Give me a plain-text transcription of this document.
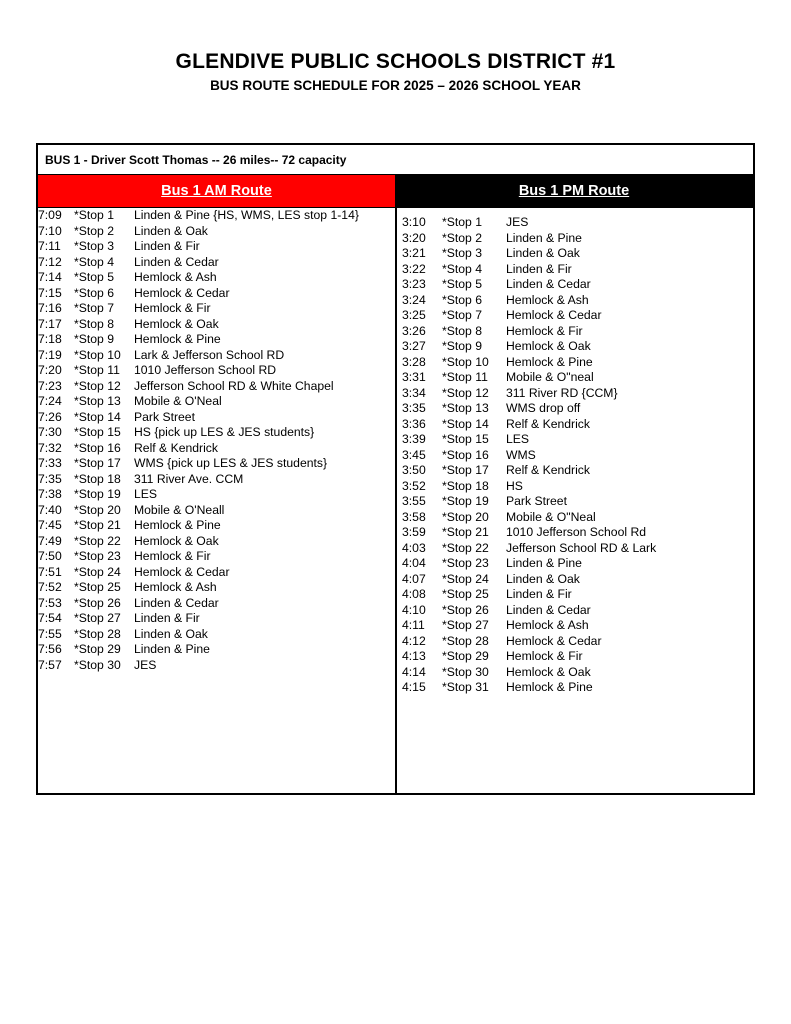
GLENDIVE PUBLIC SCHOOLS DISTRICT #1
BUS ROUTE SCHEDULE FOR 2025 – 2026 SCHOOL YEAR
BUS 1 - Driver Scott Thomas -- 26 miles-- 72 capacity
Bus 1 AM Route	Bus 1 PM Route
7:09 *Stop 1 Linden & Pine {HS, WMS, LES stop 1-14}
7:10 *Stop 2 Linden & Oak
7:11 *Stop 3 Linden & Fir
7:12 *Stop 4 Linden & Cedar
7:14 *Stop 5 Hemlock & Ash
7:15 *Stop 6 Hemlock & Cedar
7:16 *Stop 7 Hemlock & Fir
7:17 *Stop 8 Hemlock & Oak
7:18 *Stop 9 Hemlock & Pine
7:19 *Stop 10 Lark & Jefferson School RD
7:20 *Stop 11 1010 Jefferson School RD
7:23 *Stop 12 Jefferson School RD & White Chapel
7:24 *Stop 13 Mobile & O'Neal
7:26 *Stop 14 Park Street
7:30 *Stop 15 HS {pick up LES & JES students}
7:32 *Stop 16 Relf & Kendrick
7:33 *Stop 17 WMS {pick up LES & JES students}
7:35 *Stop 18 311 River Ave. CCM
7:38 *Stop 19 LES
7:40 *Stop 20 Mobile & O'Neall
7:45 *Stop 21 Hemlock & Pine
7:49 *Stop 22 Hemlock & Oak
7:50 *Stop 23 Hemlock & Fir
7:51 *Stop 24 Hemlock & Cedar
7:52 *Stop 25 Hemlock & Ash
7:53 *Stop 26 Linden & Cedar
7:54 *Stop 27 Linden & Fir
7:55 *Stop 28 Linden & Oak
7:56 *Stop 29 Linden & Pine
7:57 *Stop 30 JES
3:10 *Stop 1 JES
3:20 *Stop 2 Linden & Pine
3:21 *Stop 3 Linden & Oak
3:22 *Stop 4 Linden & Fir
3:23 *Stop 5 Linden & Cedar
3:24 *Stop 6 Hemlock & Ash
3:25 *Stop 7 Hemlock & Cedar
3:26 *Stop 8 Hemlock & Fir
3:27 *Stop 9 Hemlock & Oak
3:28 *Stop 10 Hemlock & Pine
3:31 *Stop 11 Mobile & O"neal
3:34 *Stop 12 311 River RD {CCM}
3:35 *Stop 13 WMS drop off
3:36 *Stop 14 Relf & Kendrick
3:39 *Stop 15 LES
3:45 *Stop 16 WMS
3:50 *Stop 17 Relf & Kendrick
3:52 *Stop 18 HS
3:55 *Stop 19 Park Street
3:58 *Stop 20 Mobile & O"Neal
3:59 *Stop 21 1010 Jefferson School Rd
4:03 *Stop 22 Jefferson School RD & Lark
4:04 *Stop 23 Linden & Pine
4:07 *Stop 24 Linden & Oak
4:08 *Stop 25 Linden & Fir
4:10 *Stop 26 Linden & Cedar
4:11 *Stop 27 Hemlock & Ash
4:12 *Stop 28 Hemlock & Cedar
4:13 *Stop 29 Hemlock & Fir
4:14 *Stop 30 Hemlock & Oak
4:15 *Stop 31 Hemlock & Pine
